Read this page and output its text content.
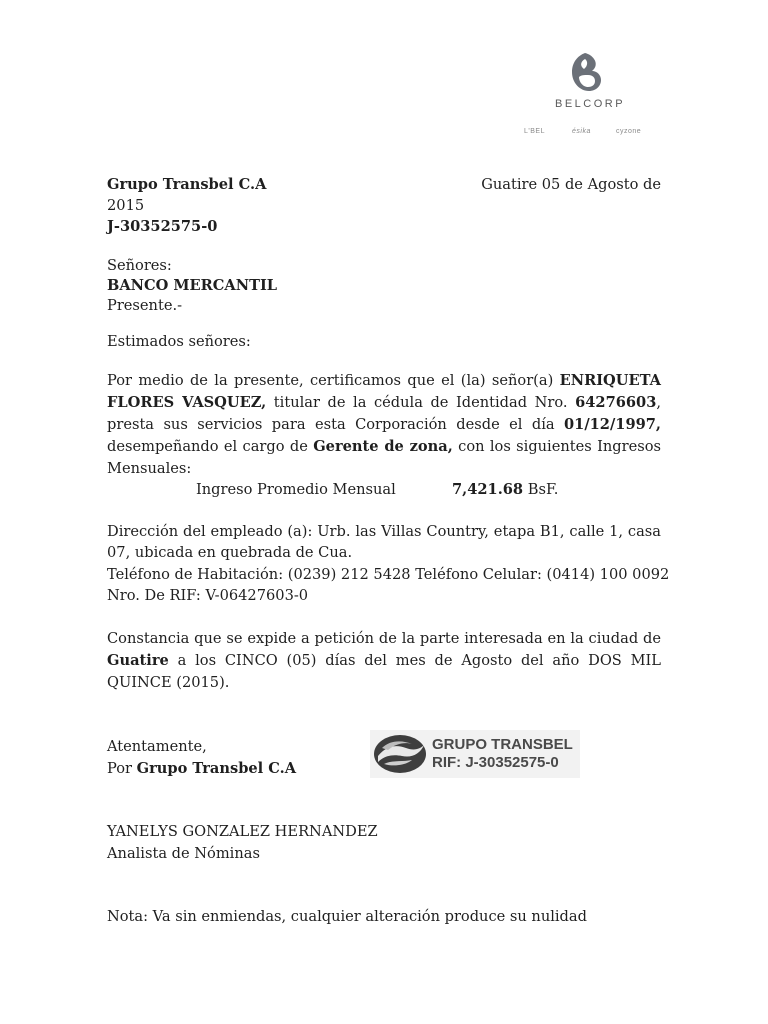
BELCORP
L'BEL	ésika	cyzone
Grupo Transbel C.A	Guatire 05 de Agosto de
2015
J-30352575-0
Señores:
BANCO MERCANTIL
Presente.-
Estimados señores:
Por medio de la presente, certificamos que el (la) señor(a) ENRIQUETA FLORES VASQUEZ, titular de la cédula de Identidad Nro. 64276603, presta sus servicios para esta Corporación desde el día 01/12/1997, desempeñando el cargo de Gerente de zona, con los siguientes Ingresos Mensuales:
Ingreso Promedio Mensual	7,421.68 BsF.
Dirección del empleado (a): Urb. las Villas Country, etapa B1, calle 1, casa 07, ubicada en quebrada de Cua.
Teléfono de Habitación: (0239) 212 5428 Teléfono Celular: (0414) 100 0092
Nro. De RIF: V-06427603-0
Constancia que se expide a petición de la parte interesada en la ciudad de Guatire a los CINCO (05) días del mes de Agosto del año DOS MIL QUINCE (2015).
Atentamente,
Por Grupo Transbel C.A
GRUPO TRANSBEL
RIF: J-30352575-0
YANELYS GONZALEZ HERNANDEZ
Analista de Nóminas
Nota: Va sin enmiendas, cualquier alteración produce su nulidad
